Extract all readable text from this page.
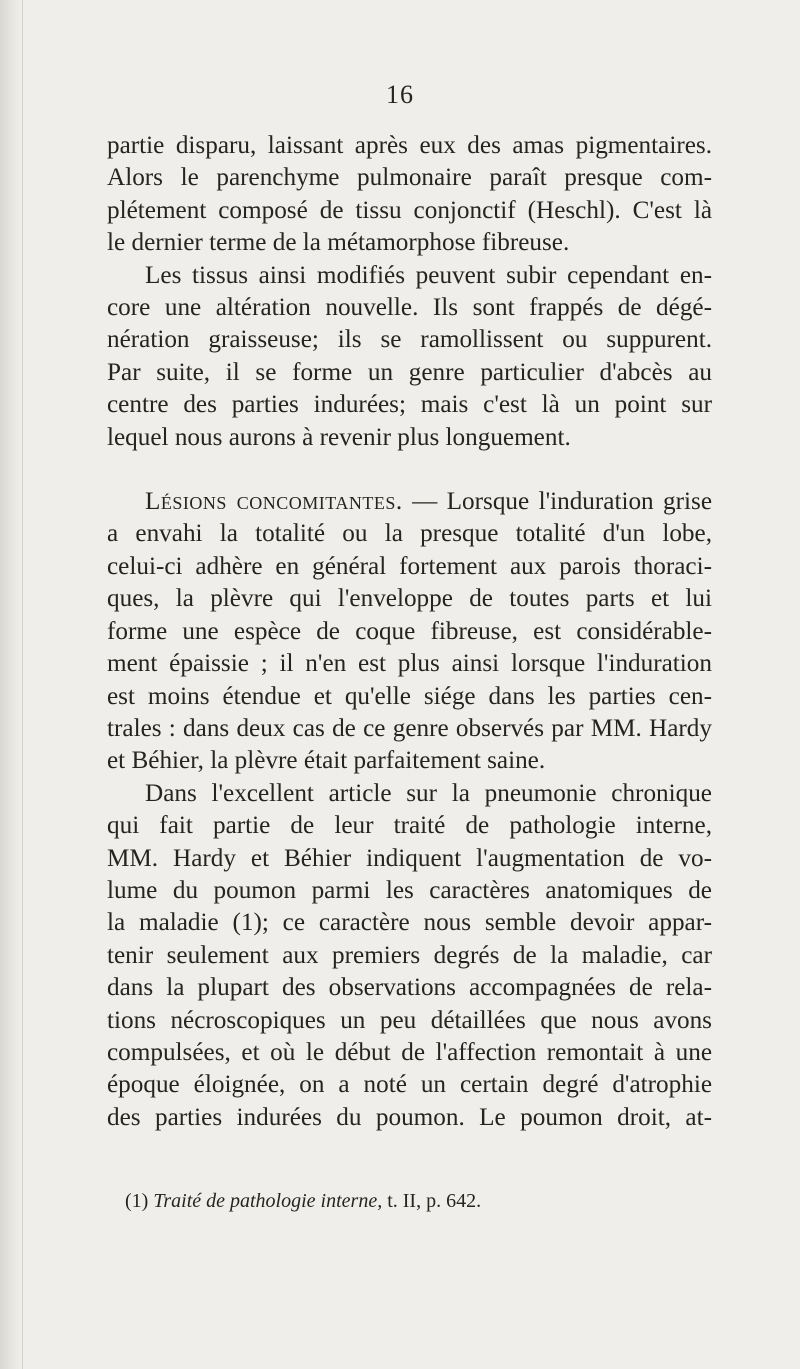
16
partie disparu, laissant après eux des amas pigmentaires.
Alors le parenchyme pulmonaire paraît presque com-
plétement composé de tissu conjonctif (Heschl). C'est là
le dernier terme de la métamorphose fibreuse.
Les tissus ainsi modifiés peuvent subir cependant en-
core une altération nouvelle. Ils sont frappés de dégé-
nération graisseuse; ils se ramollissent ou suppurent.
Par suite, il se forme un genre particulier d'abcès au
centre des parties indurées; mais c'est là un point sur
lequel nous aurons à revenir plus longuement.
Lésions concomitantes. — Lorsque l'induration grise
a envahi la totalité ou la presque totalité d'un lobe,
celui-ci adhère en général fortement aux parois thoraci-
ques, la plèvre qui l'enveloppe de toutes parts et lui
forme une espèce de coque fibreuse, est considérable-
ment épaissie ; il n'en est plus ainsi lorsque l'induration
est moins étendue et qu'elle siége dans les parties cen-
trales : dans deux cas de ce genre observés par MM. Hardy
et Béhier, la plèvre était parfaitement saine.
Dans l'excellent article sur la pneumonie chronique
qui fait partie de leur traité de pathologie interne,
MM. Hardy et Béhier indiquent l'augmentation de vo-
lume du poumon parmi les caractères anatomiques de
la maladie (1); ce caractère nous semble devoir appar-
tenir seulement aux premiers degrés de la maladie, car
dans la plupart des observations accompagnées de rela-
tions nécroscopiques un peu détaillées que nous avons
compulsées, et où le début de l'affection remontait à une
époque éloignée, on a noté un certain degré d'atrophie
des parties indurées du poumon. Le poumon droit, at-
(1) Traité de pathologie interne, t. II, p. 642.
